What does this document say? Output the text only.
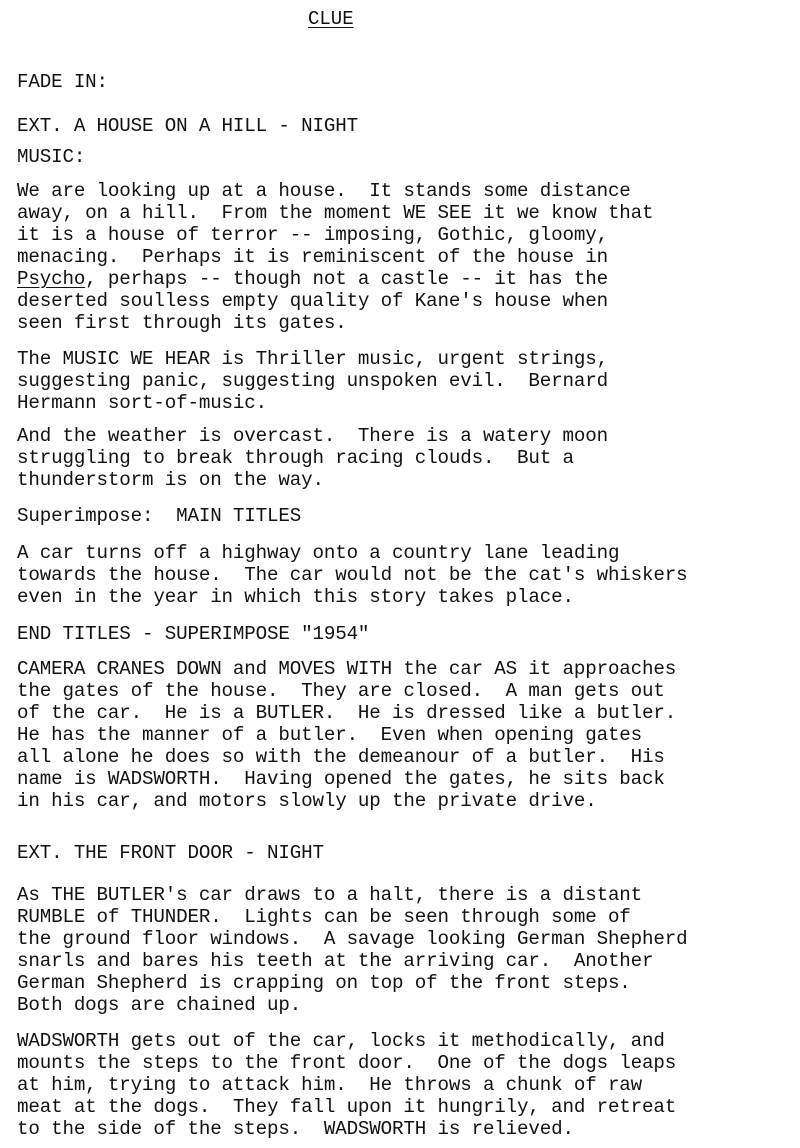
CLUE
FADE IN:
EXT. A HOUSE ON A HILL - NIGHT
MUSIC:
We are looking up at a house.  It stands some distance
away, on a hill.  From the moment WE SEE it we know that
it is a house of terror -- imposing, Gothic, gloomy,
menacing.  Perhaps it is reminiscent of the house in
Psycho, perhaps -- though not a castle -- it has the
deserted soulless empty quality of Kane's house when
seen first through its gates.
The MUSIC WE HEAR is Thriller music, urgent strings,
suggesting panic, suggesting unspoken evil.  Bernard
Hermann sort-of-music.
And the weather is overcast.  There is a watery moon
struggling to break through racing clouds.  But a
thunderstorm is on the way.
Superimpose:  MAIN TITLES
A car turns off a highway onto a country lane leading
towards the house.  The car would not be the cat's whiskers
even in the year in which this story takes place.
END TITLES - SUPERIMPOSE "1954"
CAMERA CRANES DOWN and MOVES WITH the car AS it approaches
the gates of the house.  They are closed.  A man gets out
of the car.  He is a BUTLER.  He is dressed like a butler.
He has the manner of a butler.  Even when opening gates
all alone he does so with the demeanour of a butler.  His
name is WADSWORTH.  Having opened the gates, he sits back
in his car, and motors slowly up the private drive.
EXT. THE FRONT DOOR - NIGHT
As THE BUTLER's car draws to a halt, there is a distant
RUMBLE of THUNDER.  Lights can be seen through some of
the ground floor windows.  A savage looking German Shepherd
snarls and bares his teeth at the arriving car.  Another
German Shepherd is crapping on top of the front steps.
Both dogs are chained up.
WADSWORTH gets out of the car, locks it methodically, and
mounts the steps to the front door.  One of the dogs leaps
at him, trying to attack him.  He throws a chunk of raw
meat at the dogs.  They fall upon it hungrily, and retreat
to the side of the steps.  WADSWORTH is relieved.
